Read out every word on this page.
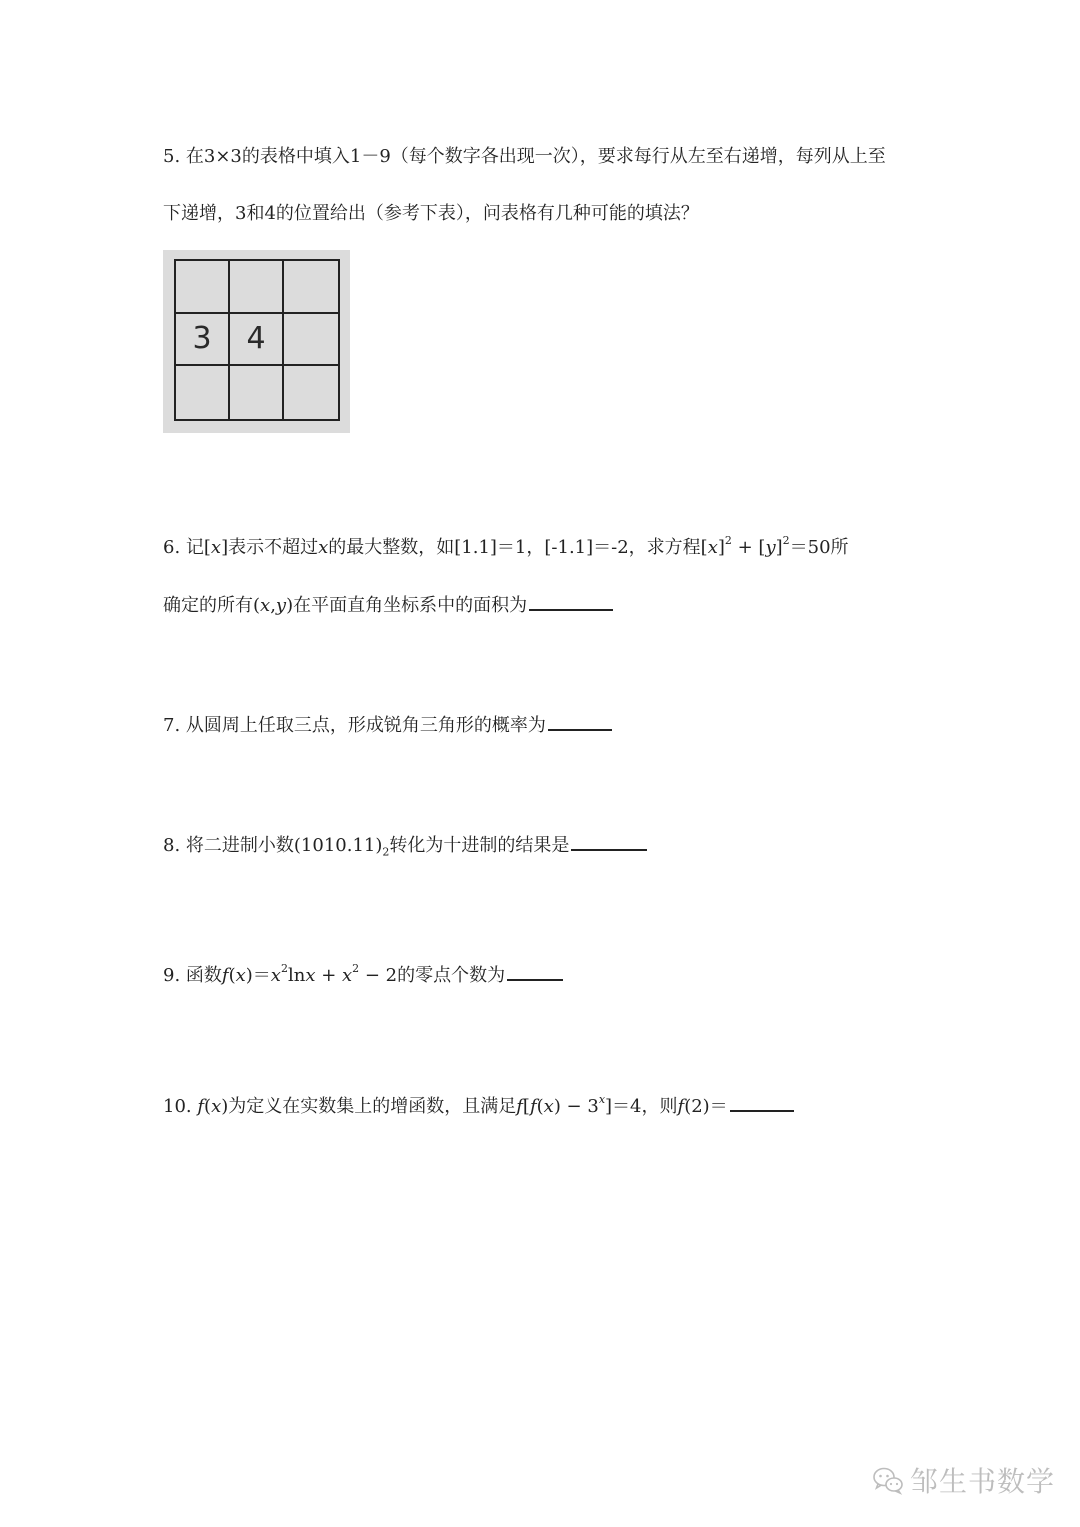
5. 在3×3的表格中填入1－9（每个数字各出现一次），要求每行从左至右递增，每列从上至
下递增，3和4的位置给出（参考下表），问表格有几种可能的填法？
3	4
6. 记[x]表示不超过x的最大整数，如[1.1]＝1，[-1.1]＝-2，求方程$[x]^2 + [y]^2=50$所
确定的所有(x,y)在平面直角坐标系中的面积为
7. 从圆周上任取三点，形成锐角三角形的概率为
8. 将二进制小数$(1010.11)_2$转化为十进制的结果是
9. 函数$f(x)=x^2\ln x + x^2 - 2$的零点个数为
10. f(x)为定义在实数集上的增函数，且满足$f[f(x) - 3^x]=4$，则f(2)＝
邹生书数学
